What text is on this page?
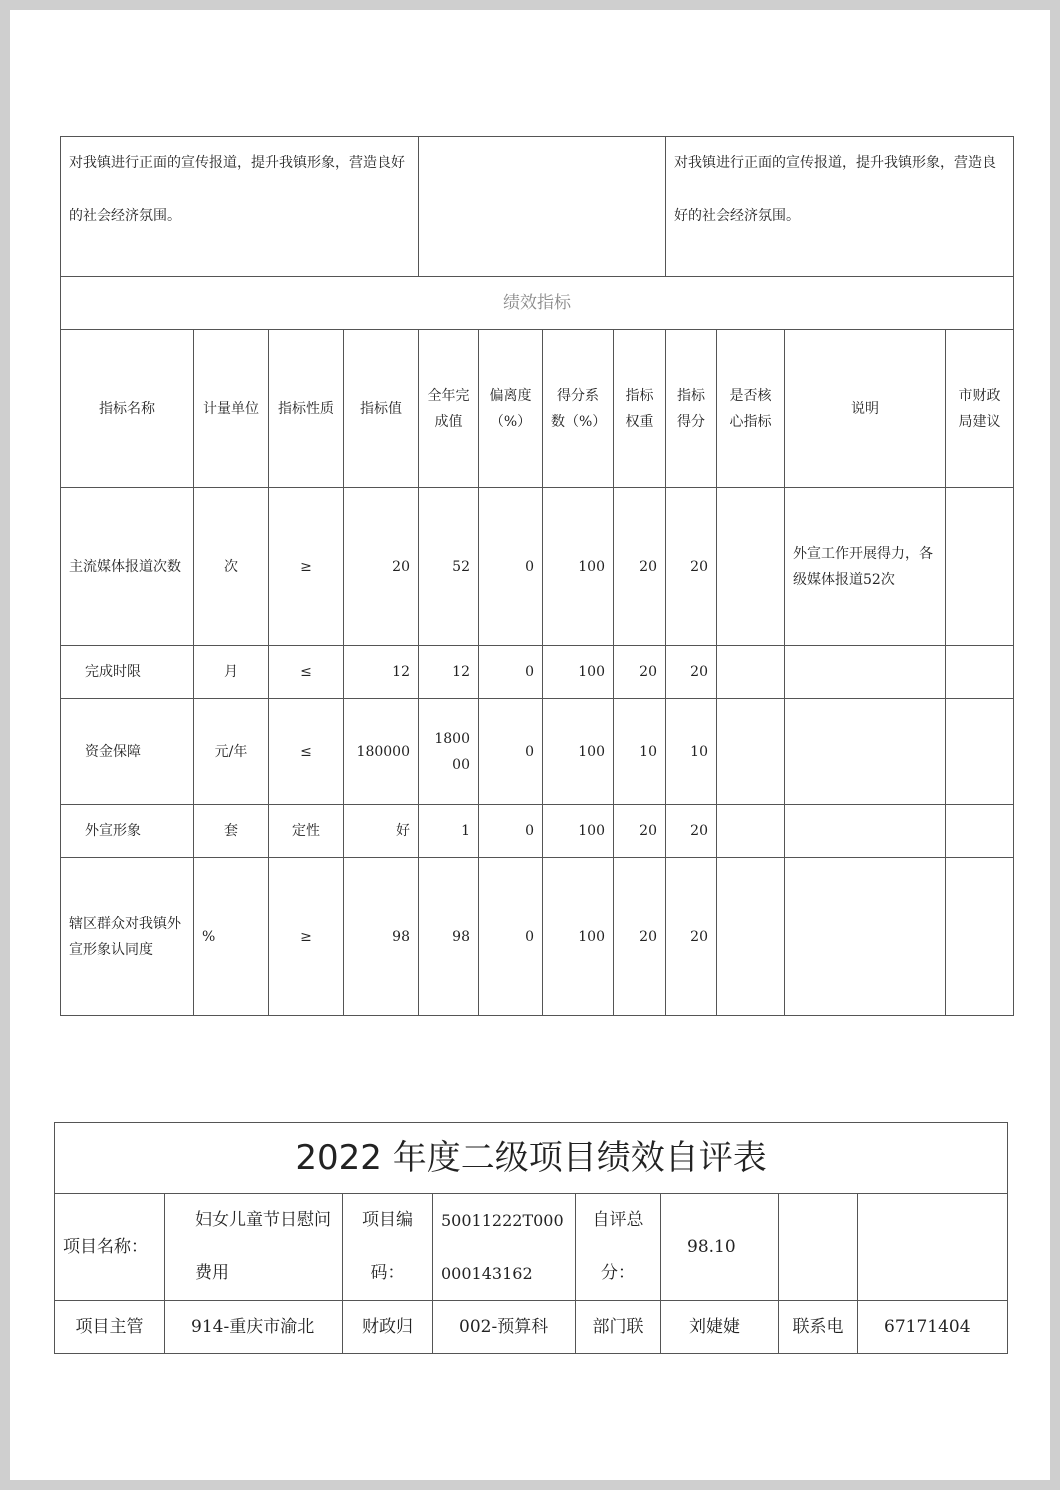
对我镇进行正面的宣传报道，提升我镇形象，营造良好的社会经济氛围。		对我镇进行正面的宣传报道，提升我镇形象，营造良好的社会经济氛围。
绩效指标											
指标名称	计量单位	指标性质	指标值	全年完成值	偏离度（%）	得分系数（%）	指标权重	指标得分	是否核心指标	说明	市财政局建议
主流媒体报道次数	次	≥	20	52	0	100	20	20		外宣工作开展得力，各级媒体报道52次	
完成时限	月	≤	12	12	0	100	20	20			
资金保障	元/年	≤	180000	180000	0	100	10	10			
外宣形象	套	定性	好	1	0	100	20	20			
辖区群众对我镇外宣形象认同度	%	≥	98	98	0	100	20	20			
2022 年度二级项目绩效自评表							
项目名称：	妇女儿童节日慰问费用	项目编码：	50011222T000000143162	自评总分：	98.10		
项目主管	914-重庆市渝北	财政归	002-预算科	部门联	刘婕婕	联系电	67171404
